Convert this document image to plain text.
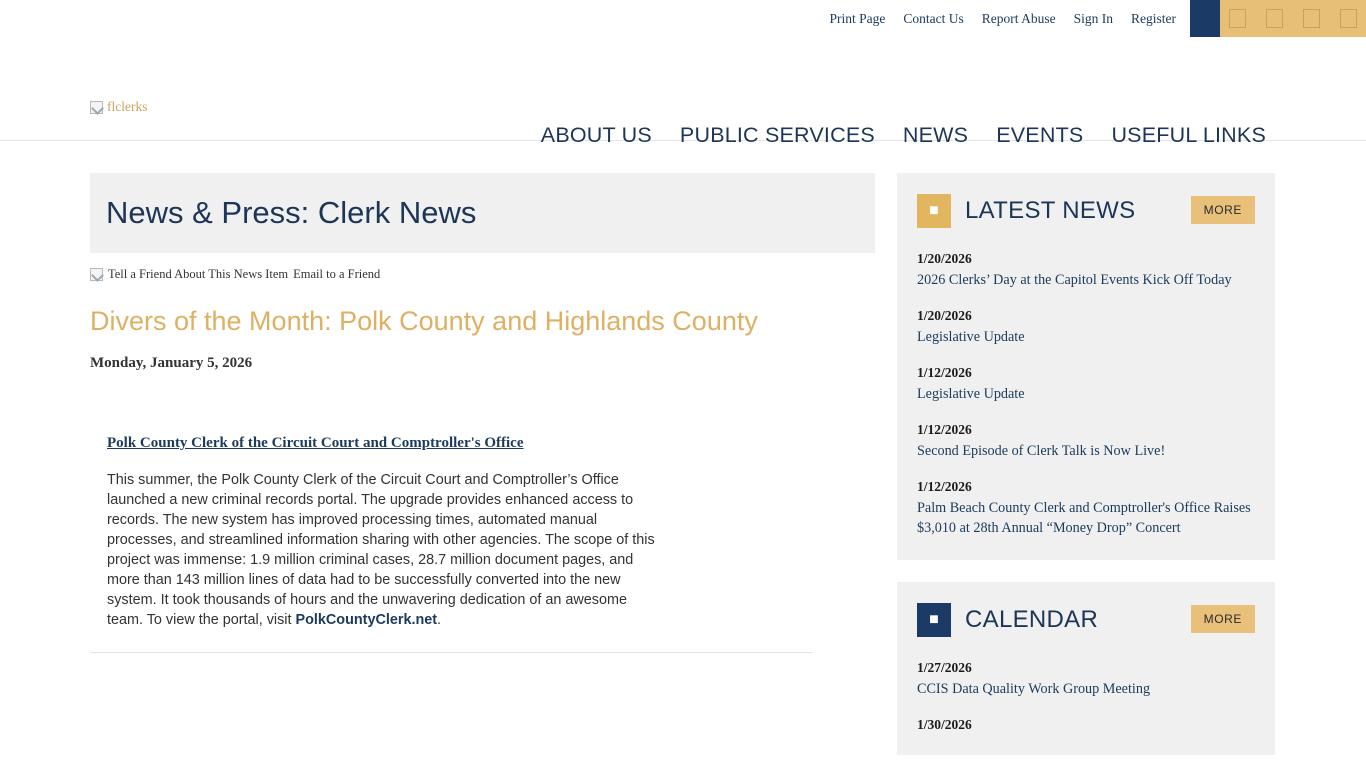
Print Page Contact Us Report Abuse Sign In Register
flclerks
ABOUT US PUBLIC SERVICES NEWS EVENTS USEFUL LINKS
News & Press: Clerk News
Tell a Friend About This News Item Email to a Friend
Divers of the Month: Polk County and Highlands County
Monday, January 5, 2026
Polk County Clerk of the Circuit Court and Comptroller's Office

This summer, the Polk County Clerk of the Circuit Court and Comptroller’s Office launched a new criminal records portal. The upgrade provides enhanced access to records. The new system has improved processing times, automated manual processes, and streamlined information sharing with other agencies. The scope of this project was immense: 1.9 million criminal cases, 28.7 million document pages, and more than 143 million lines of data had to be successfully converted into the new system. It took thousands of hours and the unwavering dedication of an awesome team. To view the portal, visit PolkCountyClerk.net.

■	LATEST NEWS	MORE
1/20/2026
2026 Clerks’ Day at the Capitol Events Kick Off Today
1/20/2026
Legislative Update
1/12/2026
Legislative Update
1/12/2026
Second Episode of Clerk Talk is Now Live!
1/12/2026
Palm Beach County Clerk and Comptroller's Office Raises $3,010 at 28th Annual “Money Drop” Concert
■	CALENDAR	MORE
1/27/2026
CCIS Data Quality Work Group Meeting
1/30/2026
